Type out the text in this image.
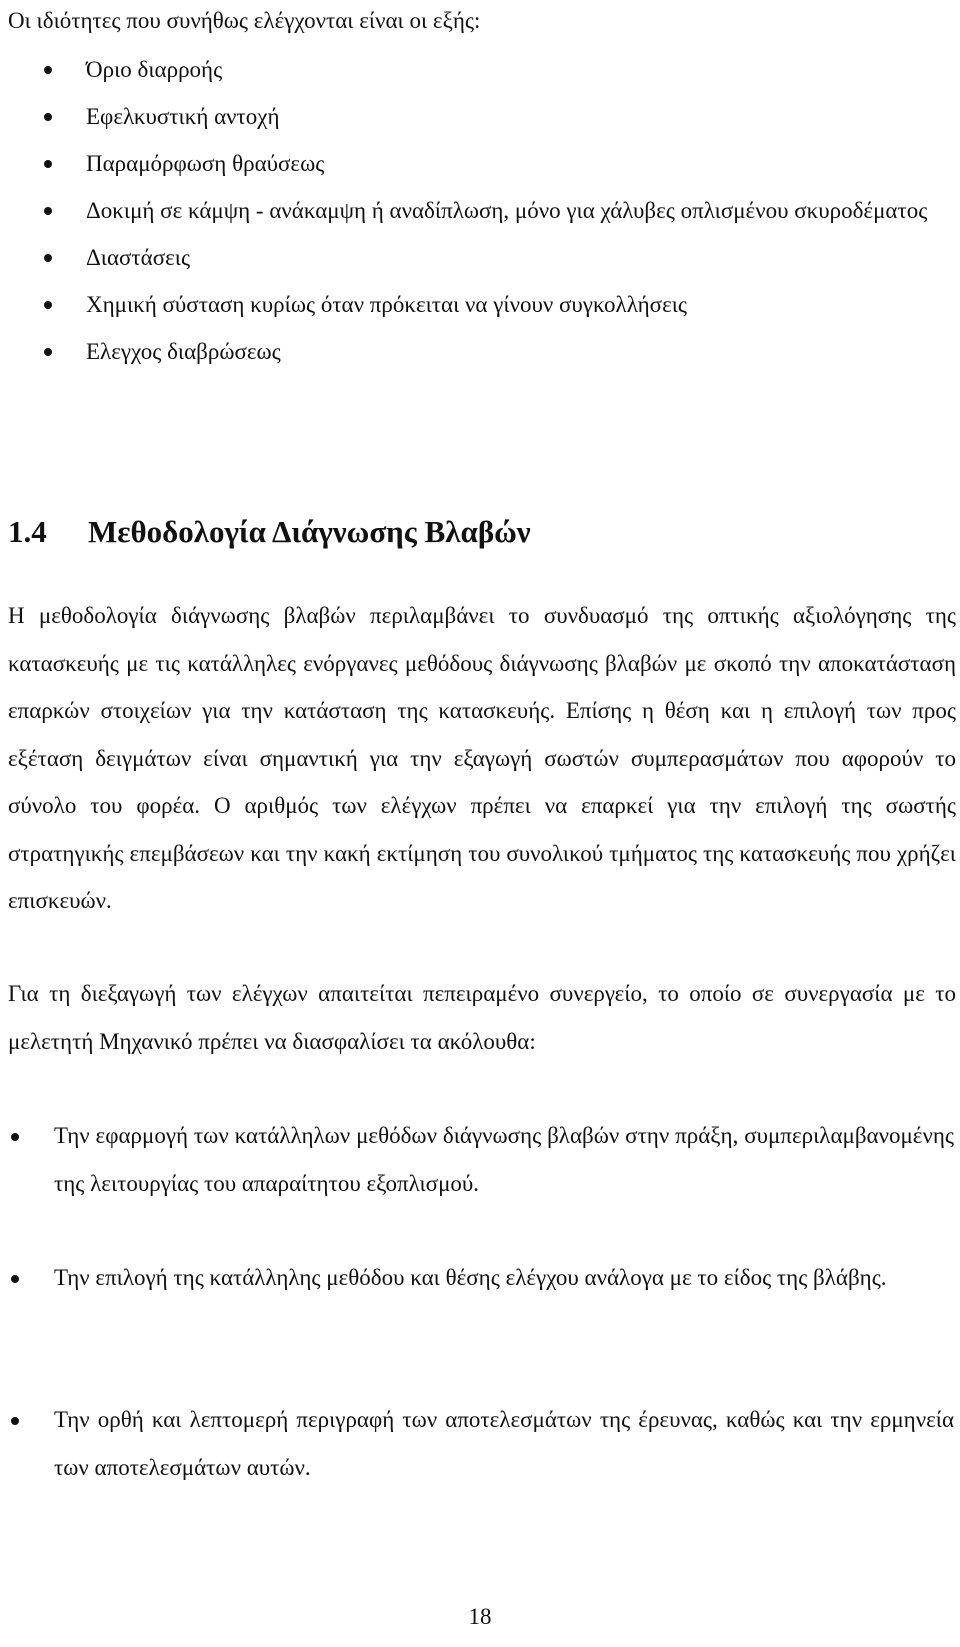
Οι ιδιότητες που συνήθως ελέγχονται είναι οι εξής:

Όριο διαρροής
Εφελκυστική αντοχή
Παραμόρφωση θραύσεως
Δοκιμή σε κάμψη - ανάκαμψη ή αναδίπλωση, μόνο για χάλυβες οπλισμένου σκυροδέματος
Διαστάσεις
Χημική σύσταση κυρίως όταν πρόκειται να γίνουν συγκολλήσεις
Ελεγχος διαβρώσεως
1.4 Μεθοδολογία Διάγνωσης Βλαβών

Η μεθοδολογία διάγνωσης βλαβών περιλαμβάνει το συνδυασμό της οπτικής αξιολόγησης της κατασκευής με τις κατάλληλες ενόργανες μεθόδους διάγνωσης βλαβών με σκοπό την αποκατάσταση επαρκών στοιχείων για την κατάσταση της κατασκευής. Επίσης η θέση και η επιλογή των προς εξέταση δειγμάτων είναι σημαντική για την εξαγωγή σωστών συμπερασμάτων που αφορούν το σύνολο του φορέα. Ο αριθμός των ελέγχων πρέπει να επαρκεί για την επιλογή της σωστής στρατηγικής επεμβάσεων και την κακή εκτίμηση του συνολικού τμήματος της κατασκευής που χρήζει επισκευών.

Για τη διεξαγωγή των ελέγχων απαιτείται πεπειραμένο συνεργείο, το οποίο σε συνεργασία με το μελετητή Μηχανικό πρέπει να διασφαλίσει τα ακόλουθα:

Την εφαρμογή των κατάλληλων μεθόδων διάγνωσης βλαβών στην πράξη, συμπεριλαμβανομένης της λειτουργίας του απαραίτητου εξοπλισμού.
Την επιλογή της κατάλληλης μεθόδου και θέσης ελέγχου ανάλογα με το είδος της βλάβης.
Την ορθή και λεπτομερή περιγραφή των αποτελεσμάτων της έρευνας, καθώς και την ερμηνεία των αποτελεσμάτων αυτών.
18
